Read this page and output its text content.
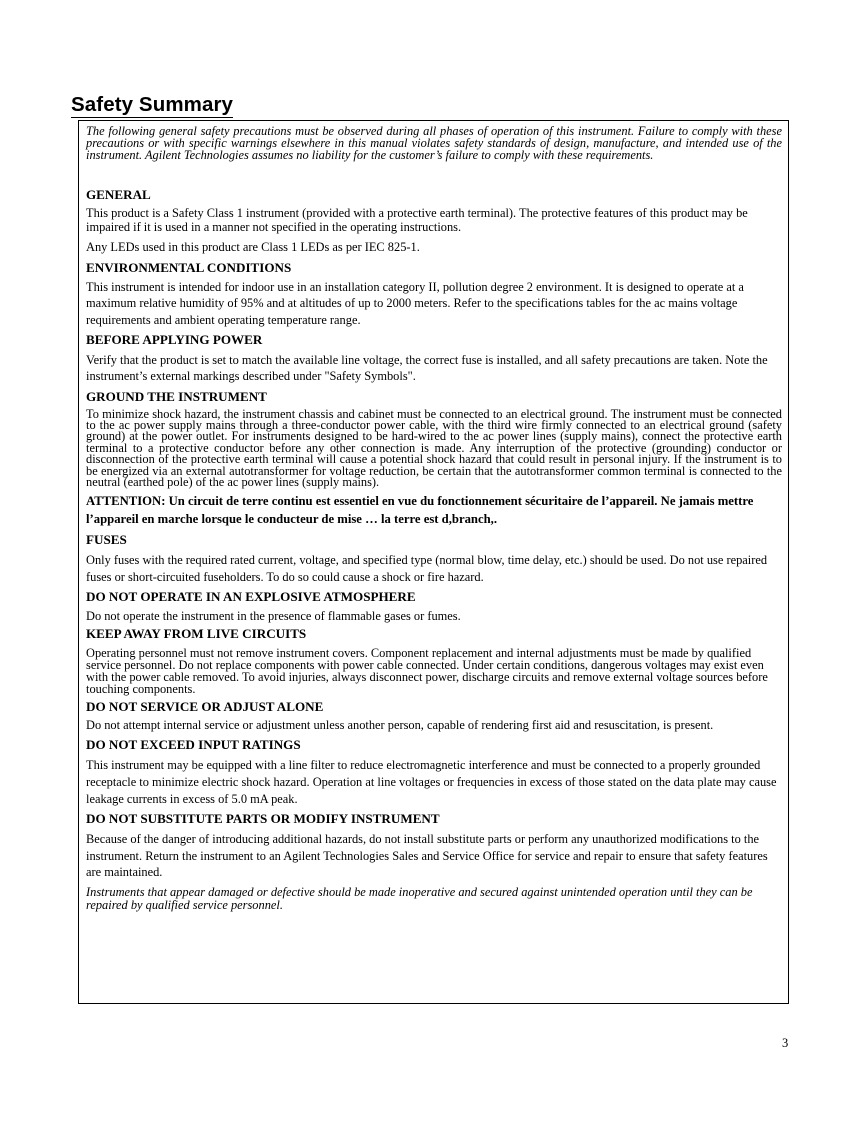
Safety Summary
The following general safety precautions must be observed during all phases of operation of this instrument. Failure to comply with these precautions or with specific warnings elsewhere in this manual violates safety standards of design, manufacture, and intended use of the instrument. Agilent Technologies assumes no liability for the customer’s failure to comply with these requirements.
GENERAL
This product is a Safety Class 1 instrument (provided with a protective earth terminal). The protective features of this product may be impaired if it is used in a manner not specified in the operating instructions.
Any LEDs used in this product are Class 1 LEDs as per IEC 825-1.
ENVIRONMENTAL CONDITIONS
This instrument is intended for indoor use in an installation category II, pollution degree 2 environment. It is designed to operate at a maximum relative humidity of 95% and at altitudes of up to 2000 meters. Refer to the specifications tables for the ac mains voltage requirements and ambient operating temperature range.
BEFORE APPLYING POWER
Verify that the product is set to match the available line voltage, the correct fuse is installed, and all safety precautions are taken. Note the instrument’s external markings described under "Safety Symbols".
GROUND THE INSTRUMENT
To minimize shock hazard, the instrument chassis and cabinet must be connected to an electrical ground. The instrument must be connected to the ac power supply mains through a three-conductor power cable, with the third wire firmly connected to an electrical ground (safety ground) at the power outlet. For instruments designed to be hard-wired to the ac power lines (supply mains), connect the protective earth terminal to a protective conductor before any other connection is made. Any interruption of the protective (grounding) conductor or disconnection of the protective earth terminal will cause a potential shock hazard that could result in personal injury. If the instrument is to be energized via an external autotransformer for voltage reduction, be certain that the autotransformer common terminal is connected to the neutral (earthed pole) of the ac power lines (supply mains).
ATTENTION: Un circuit de terre continu est essentiel en vue du fonctionnement sécuritaire de l’appareil. Ne jamais mettre l’appareil en marche lorsque le conducteur de mise … la terre est d,branch,.
FUSES
Only fuses with the required rated current, voltage, and specified type (normal blow, time delay, etc.) should be used. Do not use repaired fuses or short-circuited fuseholders. To do so could cause a shock or fire hazard.
DO NOT OPERATE IN AN EXPLOSIVE ATMOSPHERE
Do not operate the instrument in the presence of flammable gases or fumes.
KEEP AWAY FROM LIVE CIRCUITS
Operating personnel must not remove instrument covers. Component replacement and internal adjustments must be made by qualified service personnel. Do not replace components with power cable connected. Under certain conditions, dangerous voltages may exist even with the power cable removed. To avoid injuries, always disconnect power, discharge circuits and remove external voltage sources before touching components.
DO NOT SERVICE OR ADJUST ALONE
Do not attempt internal service or adjustment unless another person, capable of rendering first aid and resuscitation, is present.
DO NOT EXCEED INPUT RATINGS
This instrument may be equipped with a line filter to reduce electromagnetic interference and must be connected to a properly grounded receptacle to minimize electric shock hazard. Operation at line voltages or frequencies in excess of those stated on the data plate may cause leakage currents in excess of 5.0 mA peak.
DO NOT SUBSTITUTE PARTS OR MODIFY INSTRUMENT
Because of the danger of introducing additional hazards, do not install substitute parts or perform any unauthorized modifications to the instrument. Return the instrument to an Agilent Technologies Sales and Service Office for service and repair to ensure that safety features are maintained.
Instruments that appear damaged or defective should be made inoperative and secured against unintended operation until they can be repaired by qualified service personnel.
3
